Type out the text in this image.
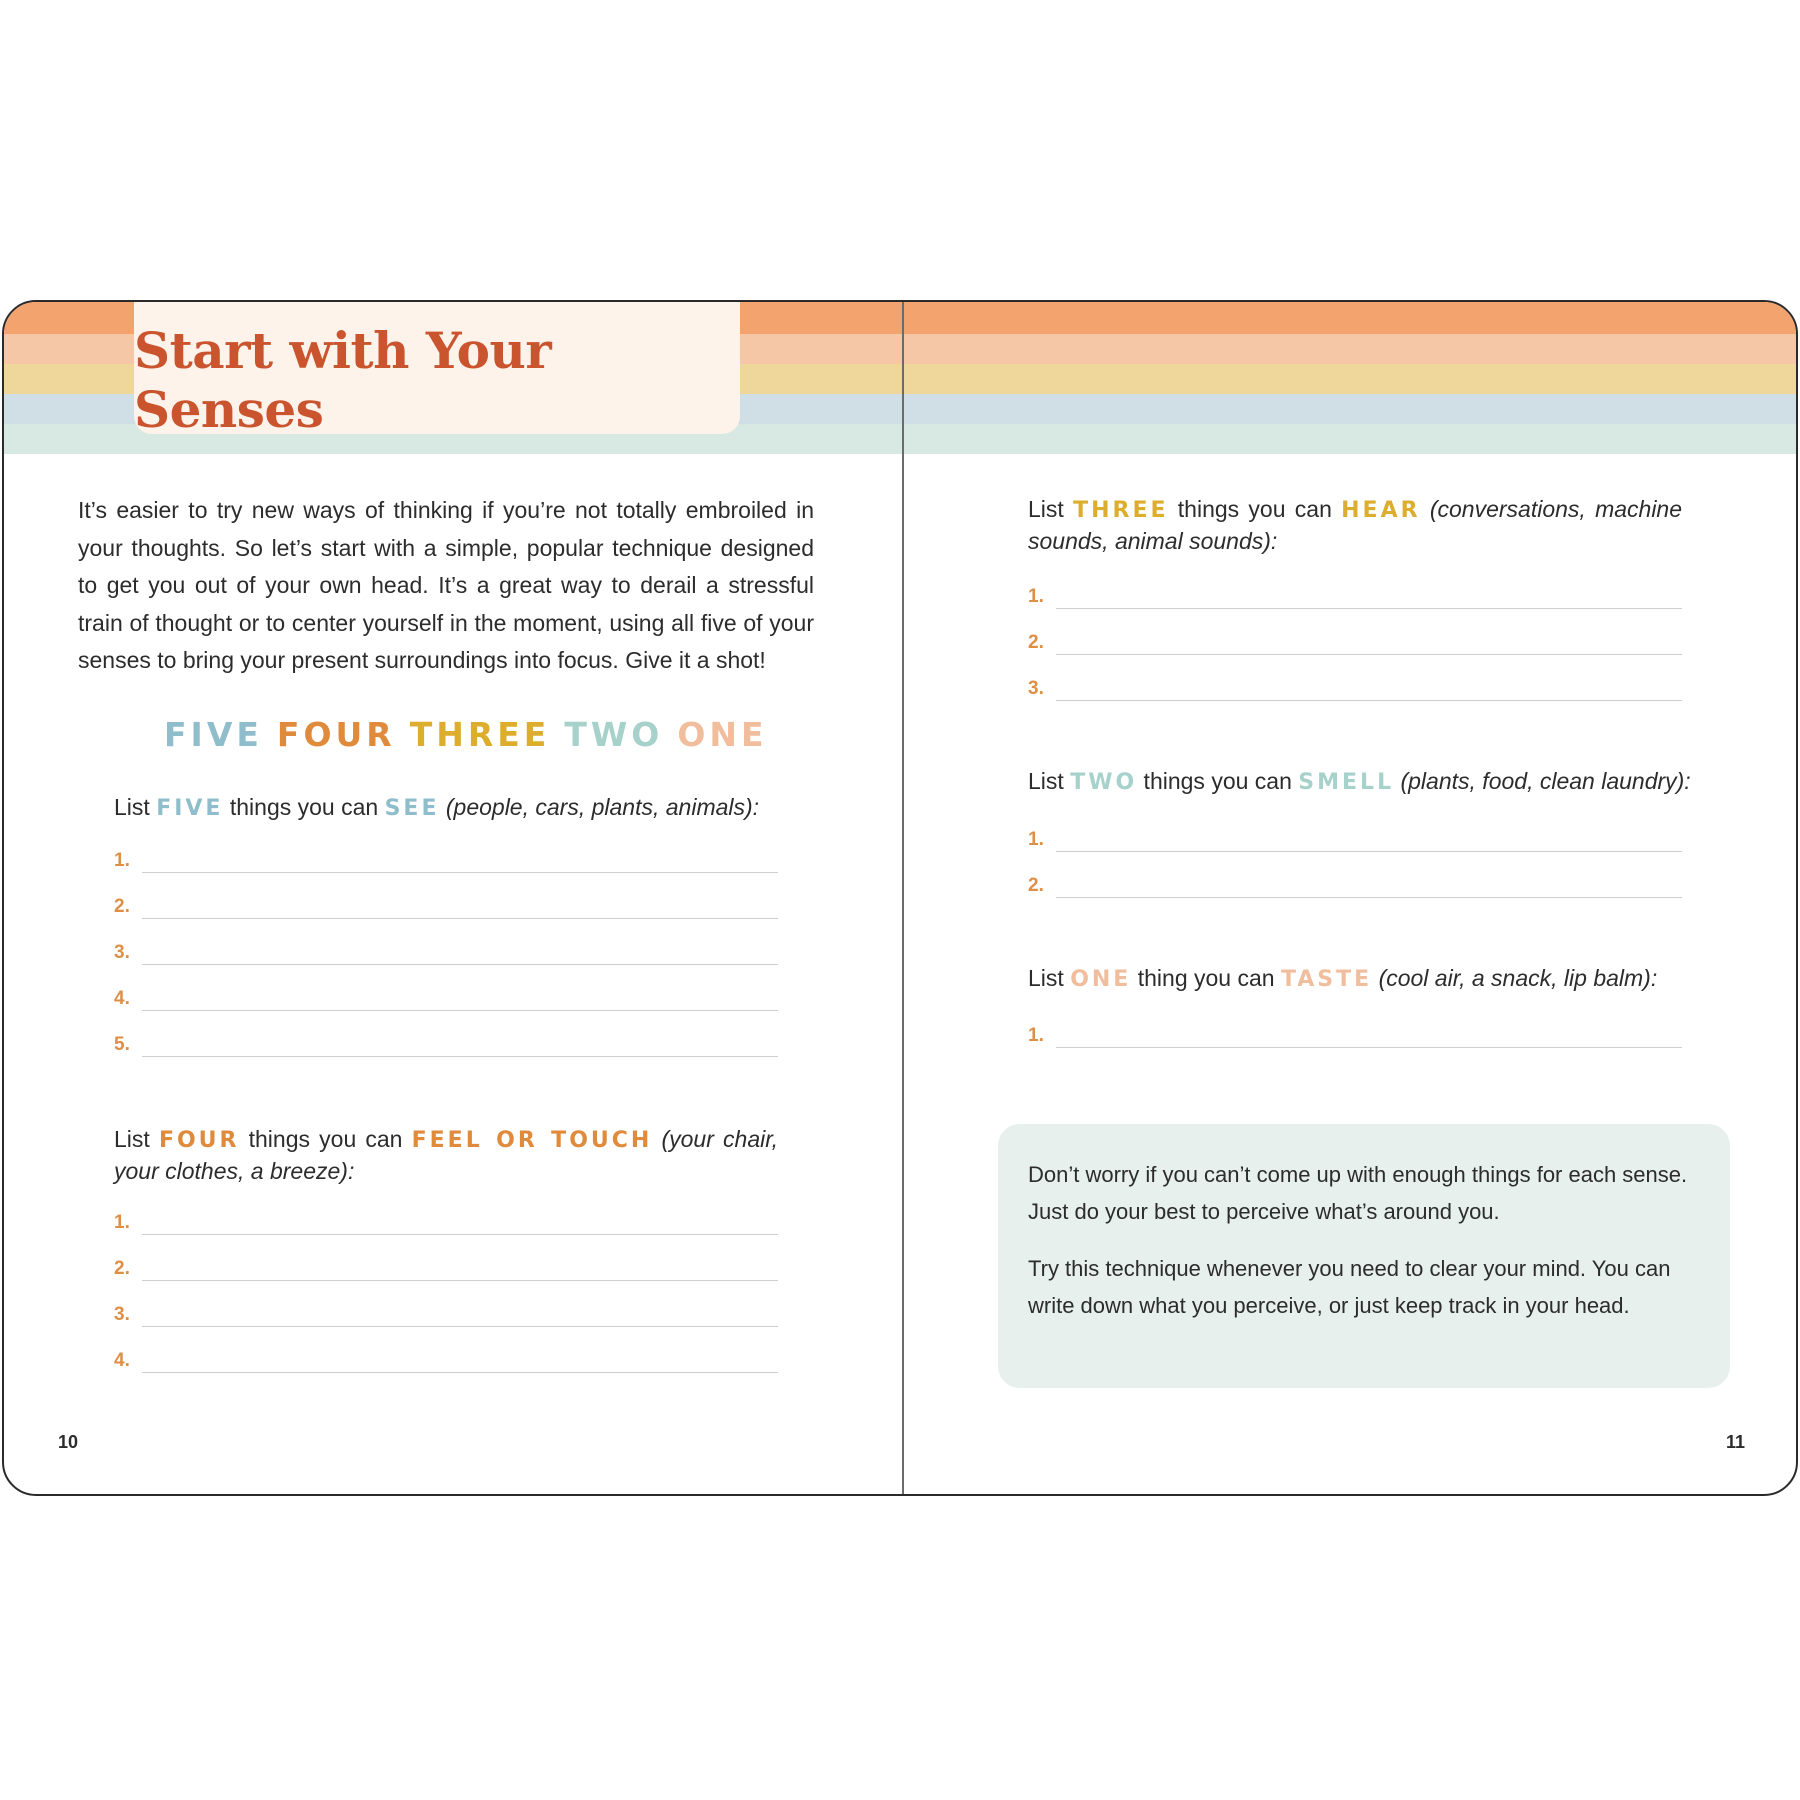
Start with Your Senses

It’s easier to try new ways of thinking if you’re not totally embroiled in your thoughts. So let’s start with a simple, popular technique designed to get you out of your own head. It’s a great way to derail a stressful train of thought or to center yourself in the moment, using all five of your senses to bring your present surroundings into focus. Give it a shot!

FIVE FOUR THREE TWO ONE

List FIVE things you can SEE (people, cars, plants, animals):

1.
2.
3.
4.
5.

List FOUR things you can FEEL OR TOUCH (your chair, your clothes, a breeze):

1.
2.
3.
4.
10

List THREE things you can HEAR (conversations, machine sounds, animal sounds):

1.
2.
3.

List TWO things you can SMELL (plants, food, clean laundry):

1.
2.

List ONE thing you can TASTE (cool air, a snack, lip balm):

1.

Don’t worry if you can’t come up with enough things for each sense. Just do your best to perceive what’s around you.

Try this technique whenever you need to clear your mind. You can write down what you perceive, or just keep track in your head.

11
